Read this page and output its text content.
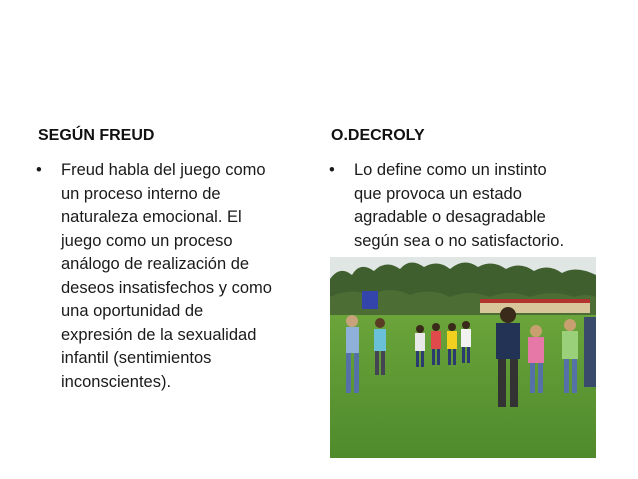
SEGÚN FREUD
•	Freud habla del juego como
un proceso interno de
naturaleza emocional. El
juego como un proceso
análogo de realización de
deseos insatisfechos y como
una oportunidad de
expresión de la sexualidad
infantil (sentimientos
inconscientes).
O.DECROLY
•	Lo define como un instinto
que provoca un estado
agradable o desagradable
según sea o no satisfactorio.
